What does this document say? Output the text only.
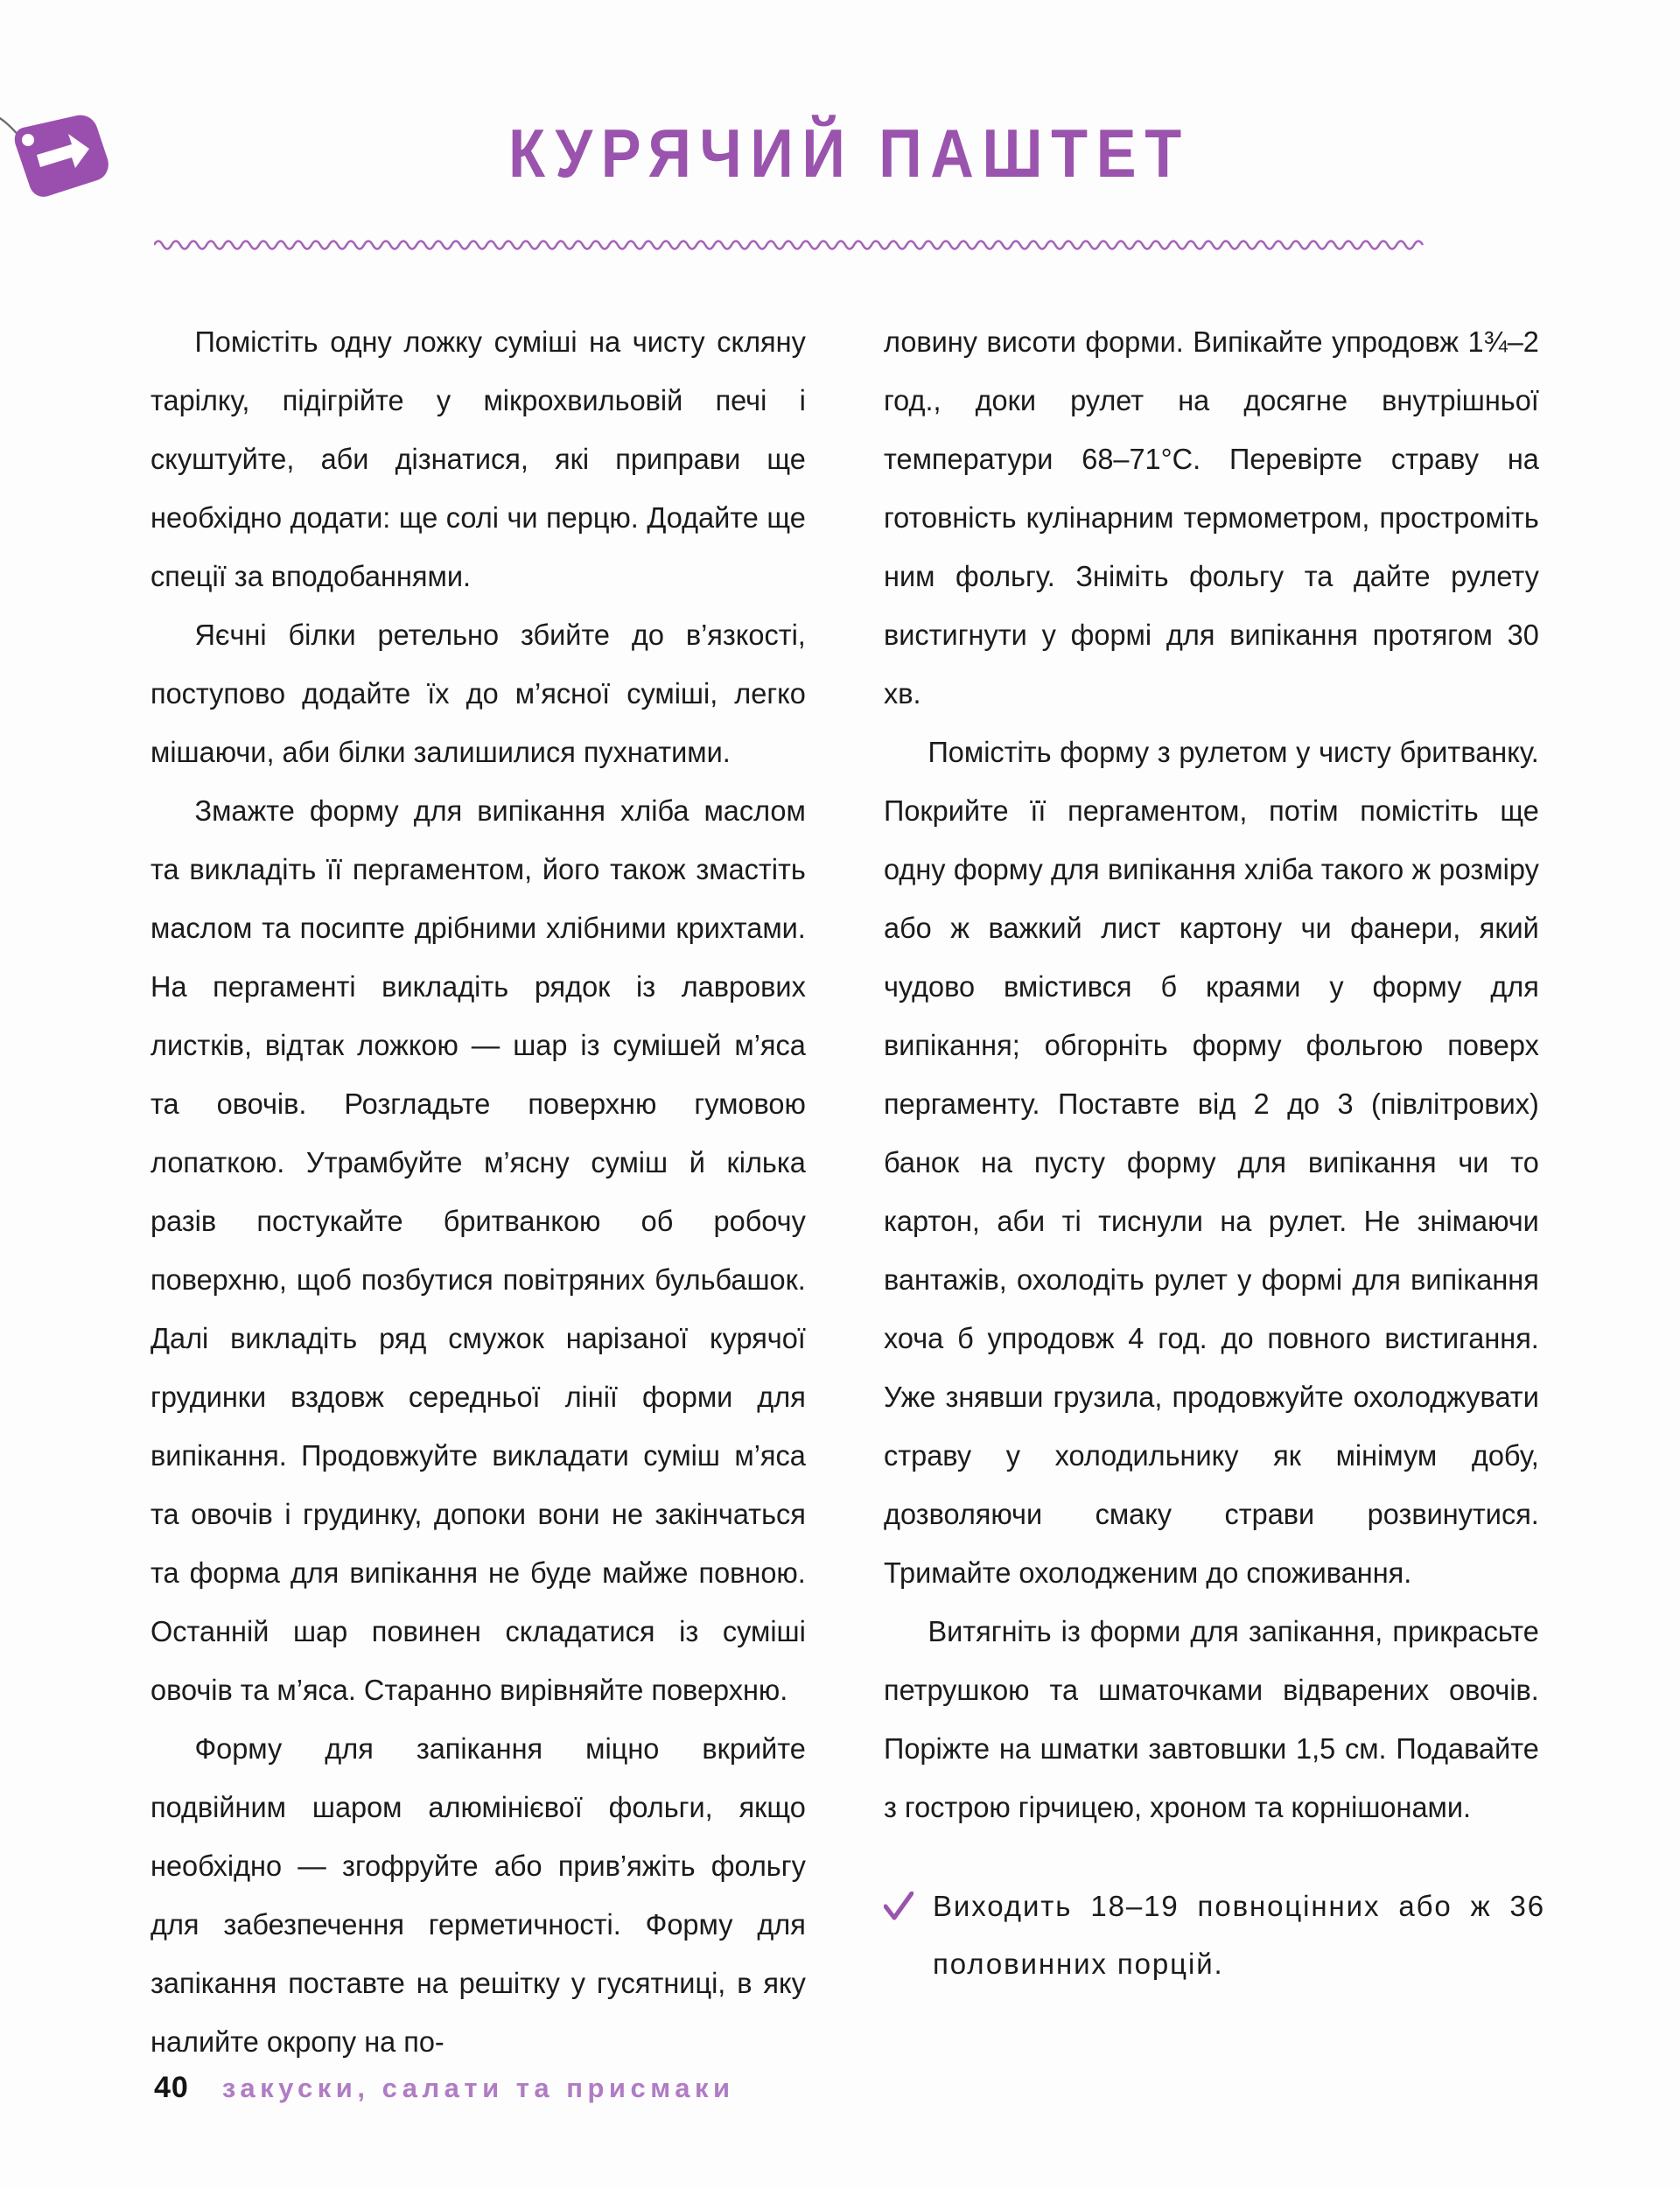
КУРЯЧИЙ ПАШТЕТ

Помістіть одну ложку суміші на чисту скляну тарілку, підігрійте у мікрохвильовій печі і скуштуйте, аби дізнатися, які приправи ще необхідно додати: ще солі чи перцю. Додайте ще спеції за вподобаннями.

Яєчні білки ретельно збийте до в’язкості, поступово додайте їх до м’ясної суміші, легко мішаючи, аби білки залишилися пухнатими.

Змажте форму для випікання хліба маслом та викладіть її пергаментом, його також змастіть маслом та посипте дрібними хлібними крихтами. На пергаменті викладіть рядок із лаврових листків, відтак ложкою — шар із сумішей м’яса та овочів. Розгладьте поверхню гумовою лопаткою. Утрамбуйте м’ясну суміш й кілька разів постукайте бритванкою об робочу поверхню, щоб позбутися повітряних бульбашок. Далі викладіть ряд смужок нарізаної курячої грудинки вздовж середньої лінії форми для випікання. Продовжуйте викладати суміш м’яса та овочів і грудинку, допоки вони не закінчаться та форма для випікання не буде майже повною. Останній шар повинен складатися із суміші овочів та м’яса. Старанно вирівняйте поверхню.

Форму для запікання міцно вкрийте подвійним шаром алюмінієвої фольги, якщо необхідно — згофруйте або прив’яжіть фольгу для забезпечення герметичності. Форму для запікання поставте на решітку у гусятниці, в яку налийте окропу на по-

ловину висоти форми. Випікайте упродовж 1¾–2 год., доки рулет на досягне внутрішньої температури 68–71°C. Перевірте страву на готовність кулінарним термометром, простроміть ним фольгу. Зніміть фольгу та дайте рулету вистигнути у формі для випікання протягом 30 хв.

Помістіть форму з рулетом у чисту бритванку. Покрийте її пергаментом, потім помістіть ще одну форму для випікання хліба такого ж розміру або ж важкий лист картону чи фанери, який чудово вмістився б краями у форму для випікання; обгорніть форму фольгою поверх пергаменту. Поставте від 2 до 3 (півлітрових) банок на пусту форму для випікання чи то картон, аби ті тиснули на рулет. Не знімаючи вантажів, охолодіть рулет у формі для випікання хоча б упродовж 4 год. до повного вистигання. Уже знявши грузила, продовжуйте охолоджувати страву у холодильнику як мінімум добу, дозволяючи смаку страви розвинутися. Тримайте охолодженим до споживання.

Витягніть із форми для запікання, прикрасьте петрушкою та шматочками відварених овочів. Поріжте на шматки завтовшки 1,5 см. Подавайте з гострою гірчицею, хроном та корнішонами.

Виходить 18–19 повноцінних або ж 36 половинних порцій.
40 закуски, салати та присмаки
